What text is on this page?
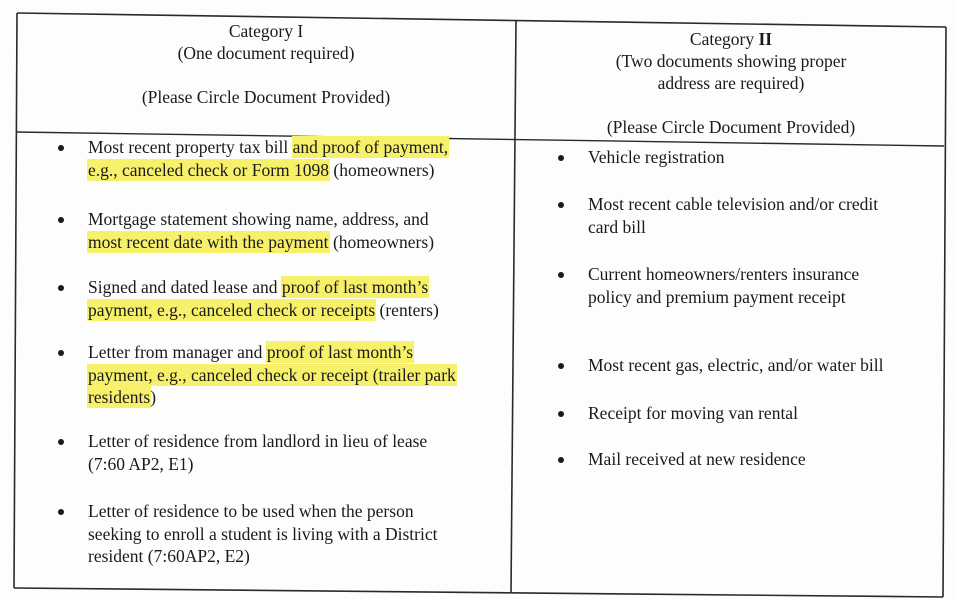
Category I
(One document required)
(Please Circle Document Provided)
Category II
(Two documents showing proper
address are required)
(Please Circle Document Provided)
Most recent property tax bill and proof of payment,
e.g., canceled check or Form 1098 (homeowners)
Mortgage statement showing name, address, and
most recent date with the payment (homeowners)
Signed and dated lease and proof of last month’s
payment, e.g., canceled check or receipts (renters)
Letter from manager and proof of last month’s
payment, e.g., canceled check or receipt (trailer park
residents)
Letter of residence from landlord in lieu of lease
(7:60 AP2, E1)
Letter of residence to be used when the person
seeking to enroll a student is living with a District
resident (7:60AP2, E2)
Vehicle registration
Most recent cable television and/or credit
card bill
Current homeowners/renters insurance
policy and premium payment receipt
Most recent gas, electric, and/or water bill
Receipt for moving van rental
Mail received at new residence
